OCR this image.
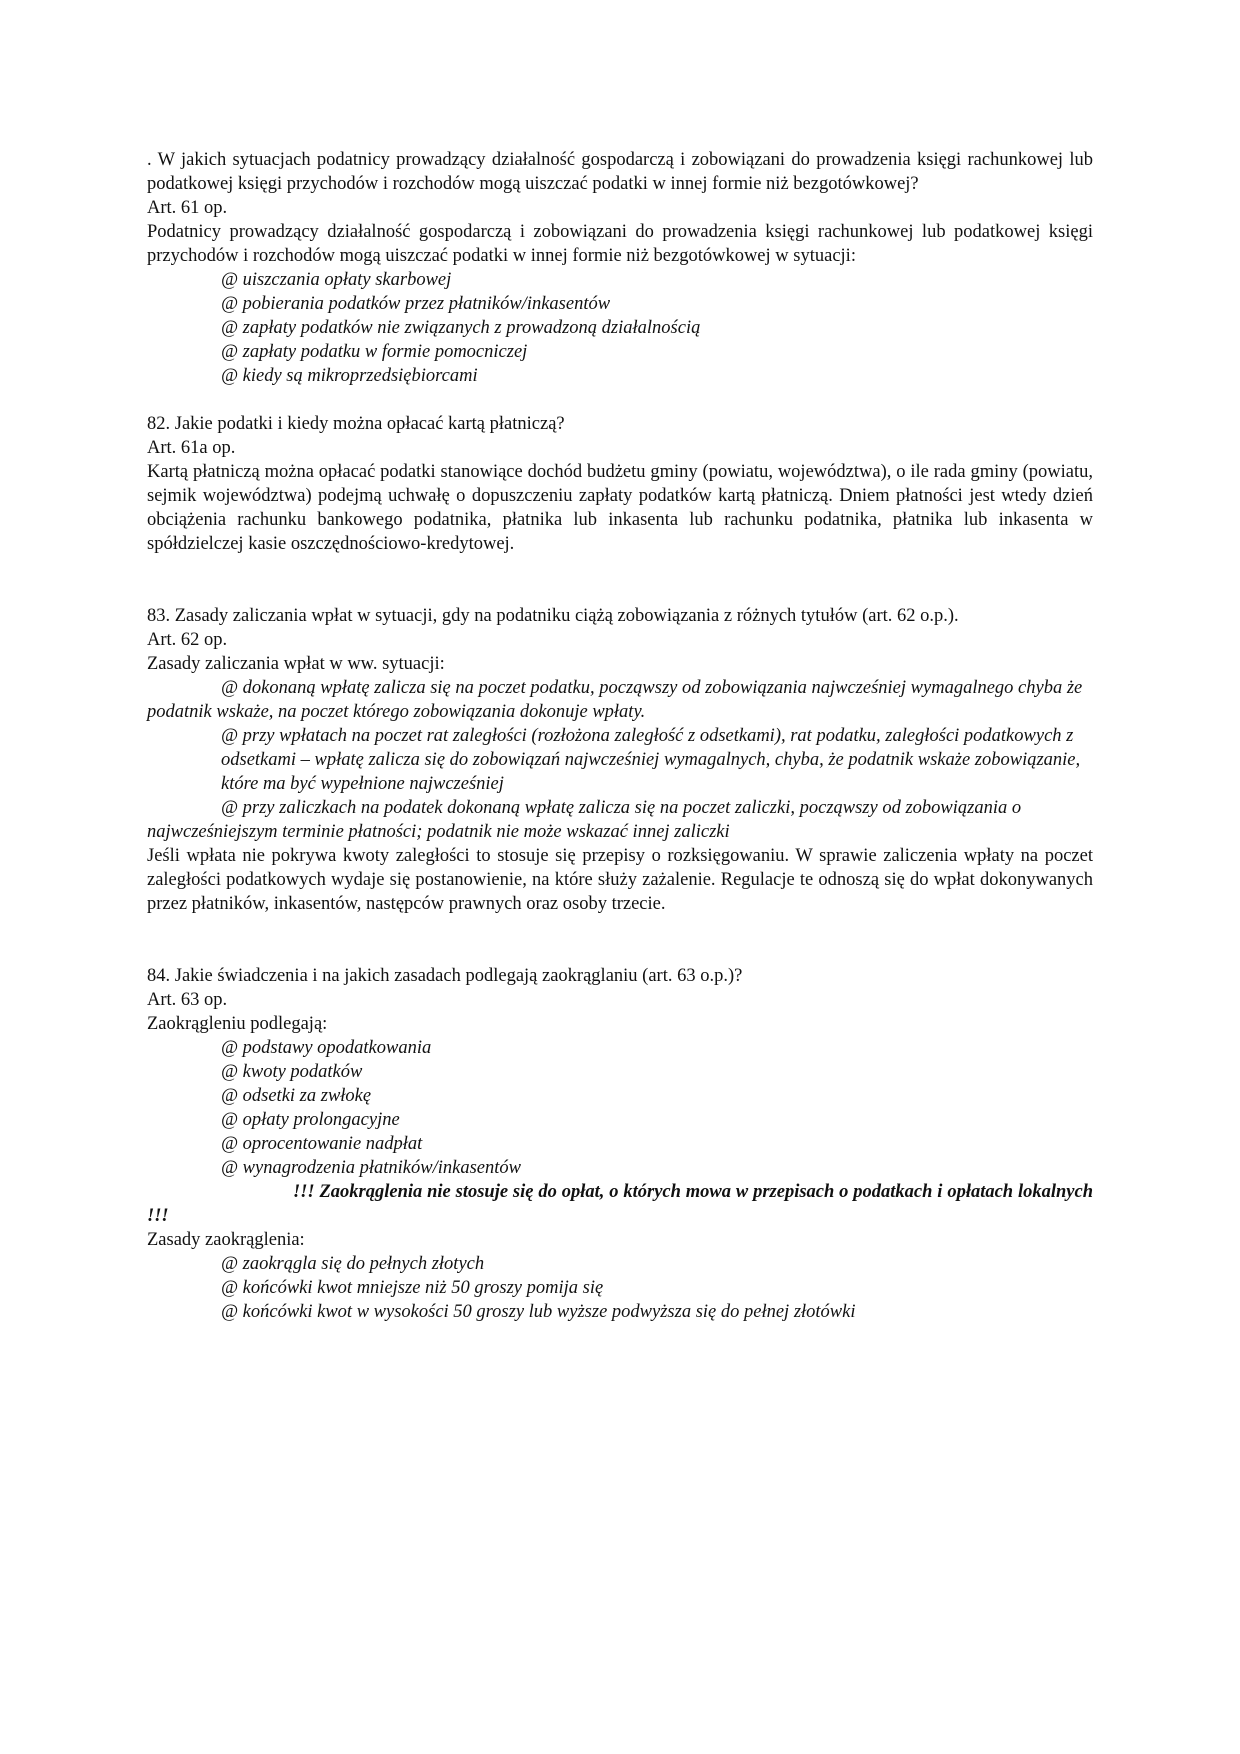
. W jakich sytuacjach podatnicy prowadzący działalność gospodarczą i zobowiązani do prowadzenia księgi rachunkowej lub podatkowej księgi przychodów i rozchodów mogą uiszczać podatki w innej formie niż bezgotówkowej?

Art. 61 op.

Podatnicy prowadzący działalność gospodarczą i zobowiązani do prowadzenia księgi rachunkowej lub podatkowej księgi przychodów i rozchodów mogą uiszczać podatki w innej formie niż bezgotówkowej w sytuacji:

@ uiszczania opłaty skarbowej

@ pobierania podatków przez płatników/inkasentów

@ zapłaty podatków nie związanych z prowadzoną działalnością

@ zapłaty podatku w formie pomocniczej

@ kiedy są mikroprzedsiębiorcami

82. Jakie podatki i kiedy można opłacać kartą płatniczą?

Art. 61a op.

Kartą płatniczą można opłacać podatki stanowiące dochód budżetu gminy (powiatu, województwa), o ile rada gminy (powiatu, sejmik województwa) podejmą uchwałę o dopuszczeniu zapłaty podatków kartą płatniczą. Dniem płatności jest wtedy dzień obciążenia rachunku bankowego podatnika, płatnika lub inkasenta lub rachunku podatnika, płatnika lub inkasenta w spółdzielczej kasie oszczędnościowo-kredytowej.

83. Zasady zaliczania wpłat w sytuacji, gdy na podatniku ciążą zobowiązania z różnych tytułów (art. 62 o.p.).

Art. 62 op.

Zasady zaliczania wpłat w ww. sytuacji:

@ dokonaną wpłatę zalicza się na poczet podatku, począwszy od zobowiązania najwcześniej wymagalnego chyba że podatnik wskaże, na poczet którego zobowiązania dokonuje wpłaty.

@ przy wpłatach na poczet rat zaległości (rozłożona zaległość z odsetkami), rat podatku, zaległości podatkowych z odsetkami – wpłatę zalicza się do zobowiązań najwcześniej wymagalnych, chyba, że podatnik wskaże zobowiązanie, które ma być wypełnione najwcześniej

@ przy zaliczkach na podatek dokonaną wpłatę zalicza się na poczet zaliczki, począwszy od zobowiązania o najwcześniejszym terminie płatności; podatnik nie może wskazać innej zaliczki

Jeśli wpłata nie pokrywa kwoty zaległości to stosuje się przepisy o rozksięgowaniu. W sprawie zaliczenia wpłaty na poczet zaległości podatkowych wydaje się postanowienie, na które służy zażalenie. Regulacje te odnoszą się do wpłat dokonywanych przez płatników, inkasentów, następców prawnych oraz osoby trzecie.

84. Jakie świadczenia i na jakich zasadach podlegają zaokrąglaniu (art. 63 o.p.)?

Art. 63 op.

Zaokrągleniu podlegają:

@ podstawy opodatkowania

@ kwoty podatków

@ odsetki za zwłokę

@ opłaty prolongacyjne

@ oprocentowanie nadpłat

@ wynagrodzenia płatników/inkasentów

!!! Zaokrąglenia nie stosuje się do opłat, o których mowa w przepisach o podatkach i opłatach lokalnych !!!

Zasady zaokrąglenia:

@ zaokrągla się do pełnych złotych

@ końcówki kwot mniejsze niż 50 groszy pomija się

@ końcówki kwot w wysokości 50 groszy lub wyższe podwyższa się do pełnej złotówki
